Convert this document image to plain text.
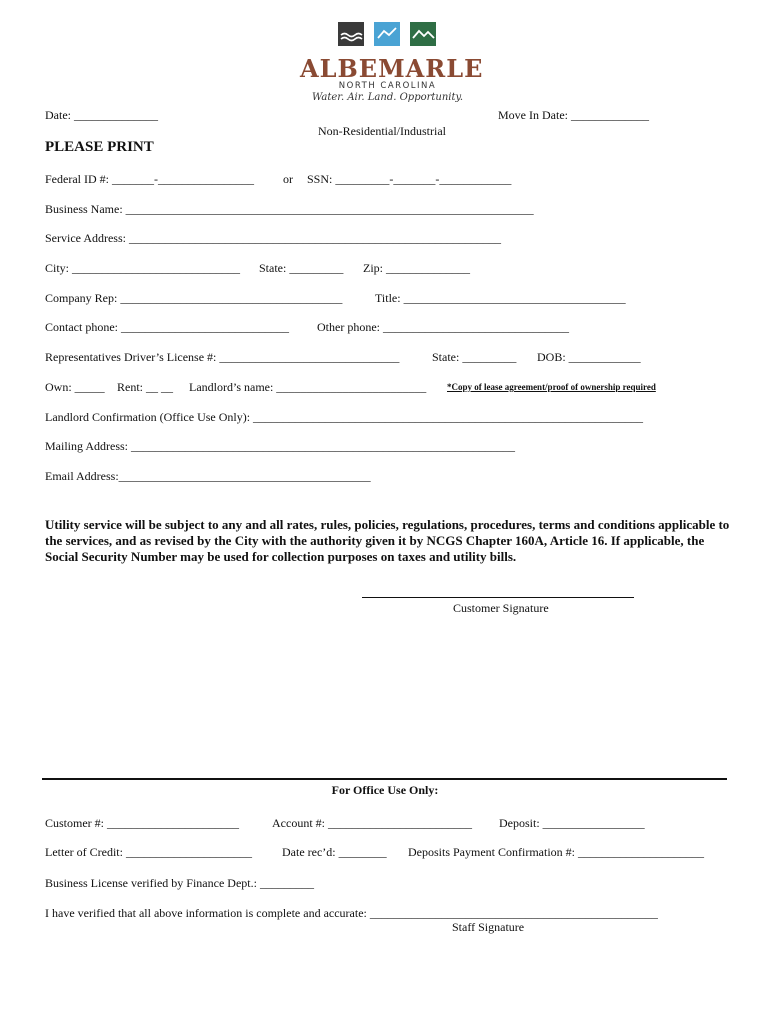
ALBEMARLE
NORTH CAROLINA
Water. Air. Land. Opportunity.
Date: ______________	Move In Date: _____________
Non-Residential/Industrial
PLEASE PRINT
Federal ID #: _______-________________ or SSN: _________-_______-____________
Business Name: ____________________________________________________________________
Service Address: ______________________________________________________________
City: ____________________________ State: _________ Zip: ______________
Company Rep: _____________________________________	Title: _____________________________________
Contact phone: ____________________________ Other phone: _______________________________
Representatives Driver’s License #: ______________________________	State: _________ DOB: ____________
Own: _____ Rent: __ __ Landlord’s name: _________________________ *Copy of lease agreement/proof of ownership required
Landlord Confirmation (Office Use Only): _________________________________________________________________
Mailing Address: ________________________________________________________________
Email Address:__________________________________________
Utility service will be subject to any and all rates, rules, policies, regulations, procedures, terms and conditions applicable to the services, and as revised by the City with the authority given it by NCGS Chapter 160A, Article 16. If applicable, the Social Security Number may be used for collection purposes on taxes and utility bills.
Customer Signature
For Office Use Only:
Customer #: ______________________	Account #: ________________________ Deposit: _________________
Letter of Credit: _____________________	Date rec’d: ________ Deposits Payment Confirmation #: _____________________
Business License verified by Finance Dept.: _________
I have verified that all above information is complete and accurate: ________________________________________________
Staff Signature
